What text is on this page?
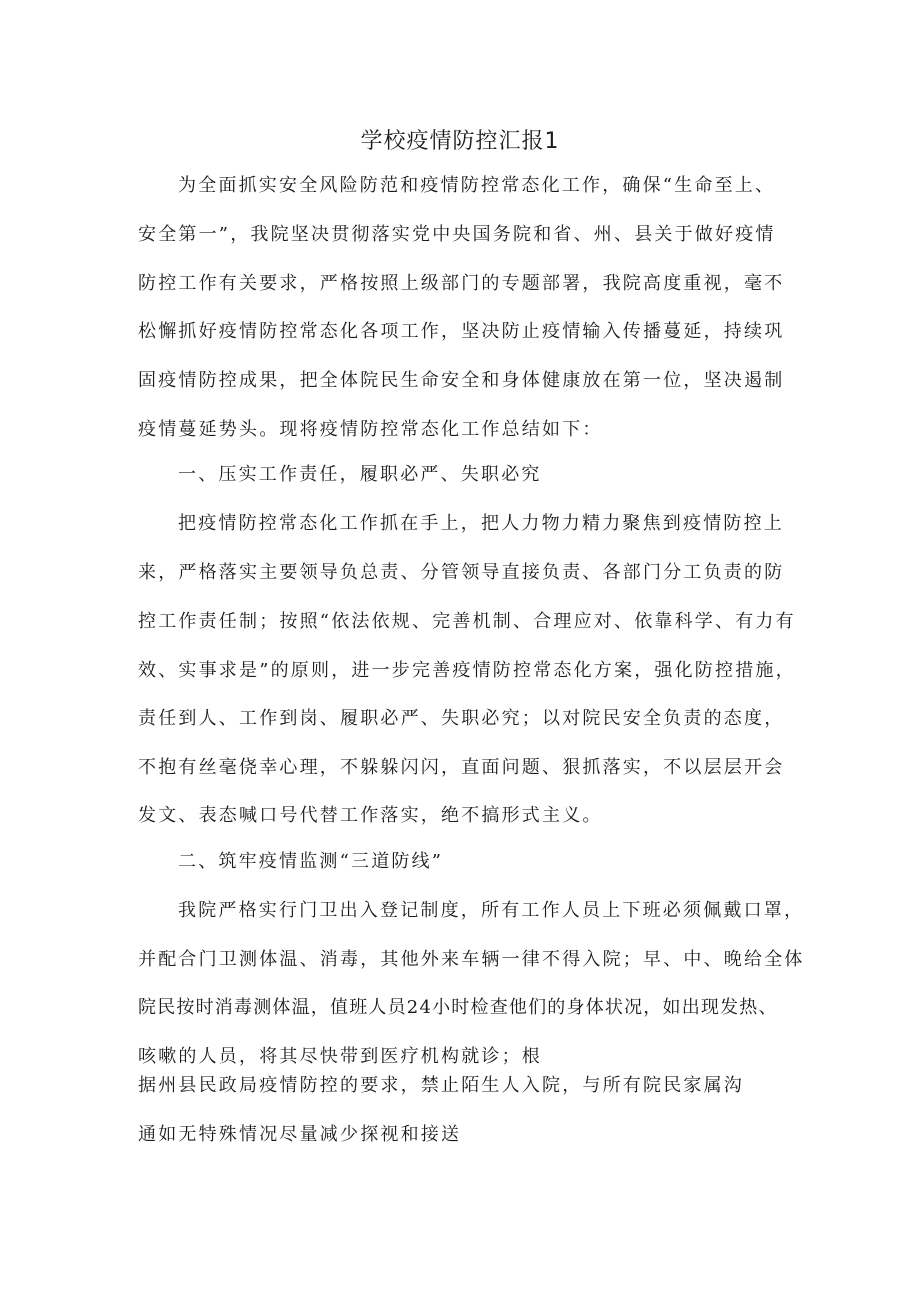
学校疫情防控汇报1

为全面抓实安全风险防范和疫情防控常态化工作，确保“生命至上、

安全第一”，我院坚决贯彻落实党中央国务院和省、州、县关于做好疫情

防控工作有关要求，严格按照上级部门的专题部署，我院高度重视，毫不

松懈抓好疫情防控常态化各项工作，坚决防止疫情输入传播蔓延，持续巩

固疫情防控成果，把全体院民生命安全和身体健康放在第一位，坚决遏制

疫情蔓延势头。现将疫情防控常态化工作总结如下：

一、压实工作责任，履职必严、失职必究

把疫情防控常态化工作抓在手上，把人力物力精力聚焦到疫情防控上

来，严格落实主要领导负总责、分管领导直接负责、各部门分工负责的防

控工作责任制；按照“依法依规、完善机制、合理应对、依靠科学、有力有

效、实事求是”的原则，进一步完善疫情防控常态化方案，强化防控措施，

责任到人、工作到岗、履职必严、失职必究；以对院民安全负责的态度，

不抱有丝毫侥幸心理，不躲躲闪闪，直面问题、狠抓落实，不以层层开会

发文、表态喊口号代替工作落实，绝不搞形式主义。

二、筑牢疫情监测“三道防线”

我院严格实行门卫出入登记制度，所有工作人员上下班必须佩戴口罩，

并配合门卫测体温、消毒，其他外来车辆一律不得入院；早、中、晚给全体

院民按时消毒测体温，值班人员24小时检查他们的身体状况，如出现发热、

咳嗽的人员，将其尽快带到医疗机构就诊；根

据州县民政局疫情防控的要求，禁止陌生人入院，与所有院民家属沟

通如无特殊情况尽量减少探视和接送
